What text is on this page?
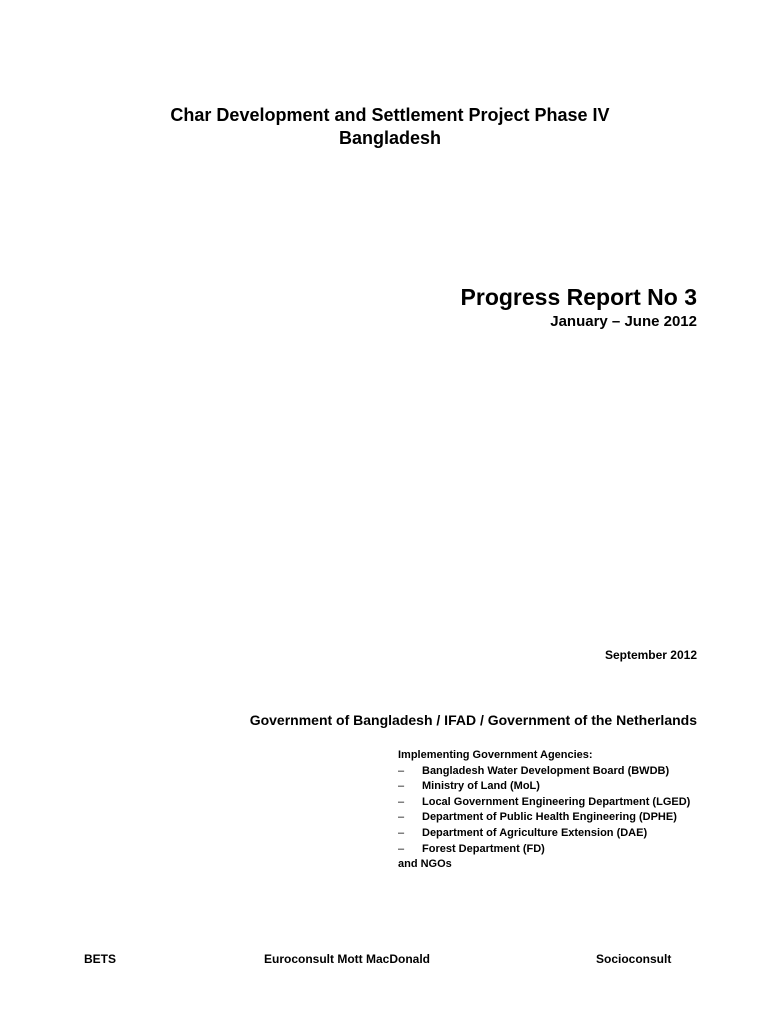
Char Development and Settlement Project Phase IV
Bangladesh
Progress Report No 3
January – June 2012
September 2012
Government of Bangladesh / IFAD / Government of the Netherlands
Implementing Government Agencies:
– Bangladesh Water Development Board (BWDB)
– Ministry of Land (MoL)
– Local Government Engineering Department (LGED)
– Department of Public Health Engineering (DPHE)
– Department of Agriculture Extension (DAE)
– Forest Department (FD)
and NGOs
BETS	Euroconsult Mott MacDonald	Socioconsult
